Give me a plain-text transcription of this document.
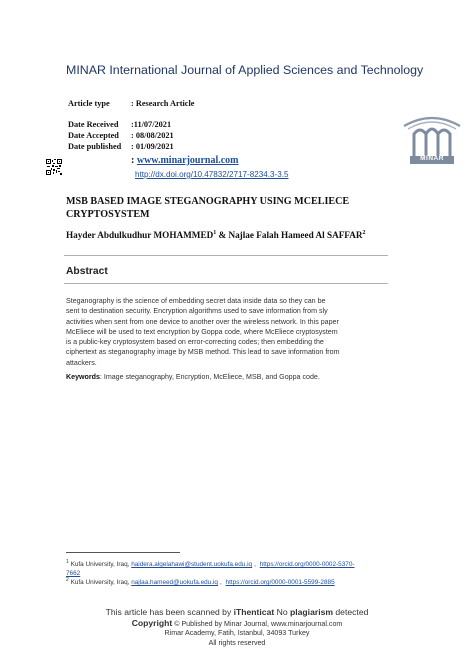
MINAR International Journal of Applied Sciences and Technology
Article type	: Research Article
Date Received :11/07/2021
Date Accepted : 08/08/2021
Date published : 01/09/2021
: www.minarjournal.com
http://dx.doi.org/10.47832/2717-8234.3-3.5
MINAR
MSB BASED IMAGE STEGANOGRAPHY USING MCELIECE
CRYPTOSYSTEM
Hayder Abdulkudhur MOHAMMED$^1$ & Najlae Falah Hameed Al SAFFAR$^2$
Abstract
Steganography is the science of embedding secret data inside data so they can be
sent to destination security. Encryption algorithms used to save information from sly
activities when sent from one device to another over the wireless network. In this paper
McEliece will be used to text encryption by Goppa code, where McEliece cryptosystem
is a public-key cryptosystem based on error-correcting codes; then embedding the
ciphertext as steganography image by MSB method. This lead to save information from
attackers.
Keywords: Image steganography, Encryption, McEliece, MSB, and Goppa code.
$^1$ Kufa University, Iraq, haidera.algelahawi@student.uokufa.edu.iq , https://orcid.org/0000-0002-5370-
7662
$^2$ Kufa University, Iraq, najlaa.hameed@uokufa.edu.iq , https://orcid.org/0000-0001-5599-2885
This article has been scanned by iThenticat No plagiarism detected
Copyright © Published by Minar Journal, www.minarjournal.com
Rimar Academy, Fatih, Istanbul, 34093 Turkey
All rights reserved
